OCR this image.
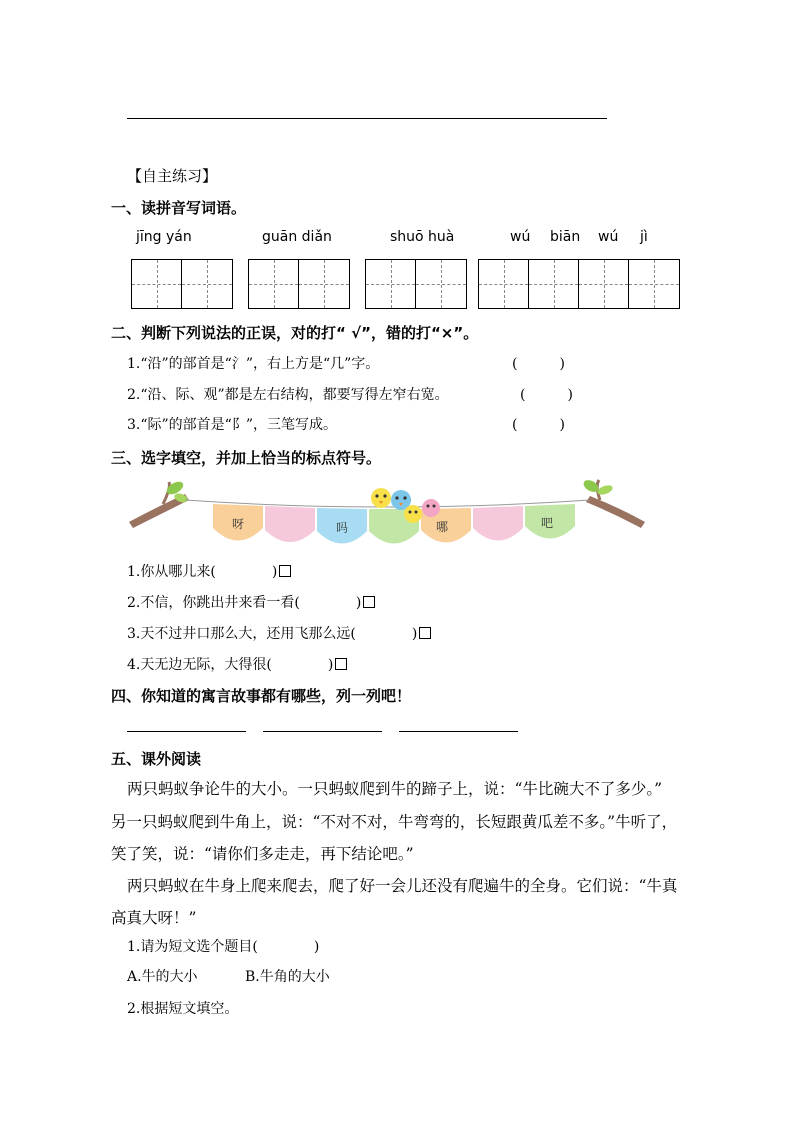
【自主练习】
一、读拼音写词语。
jīng yán	guān diǎn	shuō huà	wú biān wú jì
二、判断下列说法的正误，对的打“ √”，错的打“×”。
1.“沿”的部首是“氵”，右上方是“几”字。	(　　　)
2.“沿、际、观”都是左右结构，都要写得左窄右宽。	(　　　)
3.“际”的部首是“阝”，三笔写成。	(　　　)
三、选字填空，并加上恰当的标点符号。
呀	吗	哪	吧
1.你从哪儿来(　　　　)
2.不信，你跳出井来看一看(　　　　)
3.天不过井口那么大，还用飞那么远(　　　　)
4.天无边无际，大得很(　　　　)
四、你知道的寓言故事都有哪些，列一列吧！
五、课外阅读
两只蚂蚁争论牛的大小。一只蚂蚁爬到牛的蹄子上，说：“牛比碗大不了多少。”
另一只蚂蚁爬到牛角上，说：“不对不对，牛弯弯的，长短跟黄瓜差不多。”牛听了，
笑了笑，说：“请你们多走走，再下结论吧。”
两只蚂蚁在牛身上爬来爬去，爬了好一会儿还没有爬遍牛的全身。它们说：“牛真
高真大呀！”
1.请为短文选个题目(　　　　)
A.牛的大小	B.牛角的大小
2.根据短文填空。
